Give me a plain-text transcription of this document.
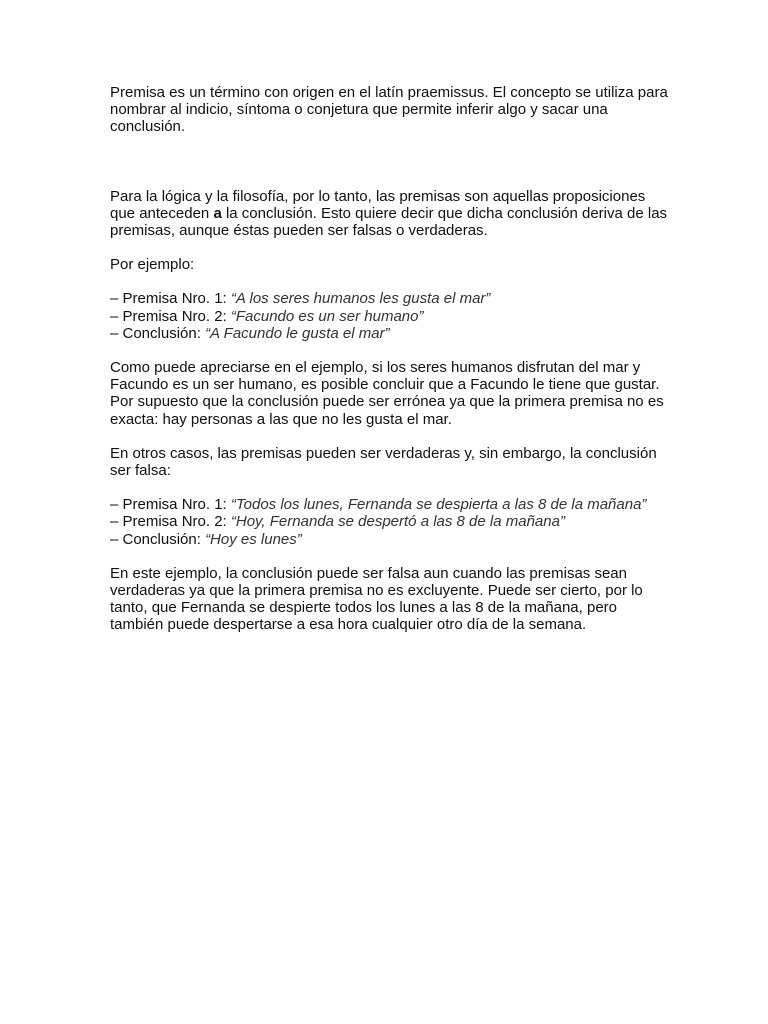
Premisa es un término con origen en el latín praemissus. El concepto se utiliza para nombrar al indicio, síntoma o conjetura que permite inferir algo y sacar una conclusión.

Para la lógica y la filosofía, por lo tanto, las premisas son aquellas proposiciones que anteceden a la conclusión. Esto quiere decir que dicha conclusión deriva de las premisas, aunque éstas pueden ser falsas o verdaderas.

Por ejemplo:

– Premisa Nro. 1: “A los seres humanos les gusta el mar”
– Premisa Nro. 2: “Facundo es un ser humano”
– Conclusión: “A Facundo le gusta el mar”

Como puede apreciarse en el ejemplo, si los seres humanos disfrutan del mar y Facundo es un ser humano, es posible concluir que a Facundo le tiene que gustar. Por supuesto que la conclusión puede ser errónea ya que la primera premisa no es exacta: hay personas a las que no les gusta el mar.

En otros casos, las premisas pueden ser verdaderas y, sin embargo, la conclusión ser falsa:

– Premisa Nro. 1: “Todos los lunes, Fernanda se despierta a las 8 de la mañana”
– Premisa Nro. 2: “Hoy, Fernanda se despertó a las 8 de la mañana”
– Conclusión: “Hoy es lunes”

En este ejemplo, la conclusión puede ser falsa aun cuando las premisas sean verdaderas ya que la primera premisa no es excluyente. Puede ser cierto, por lo tanto, que Fernanda se despierte todos los lunes a las 8 de la mañana, pero también puede despertarse a esa hora cualquier otro día de la semana.
